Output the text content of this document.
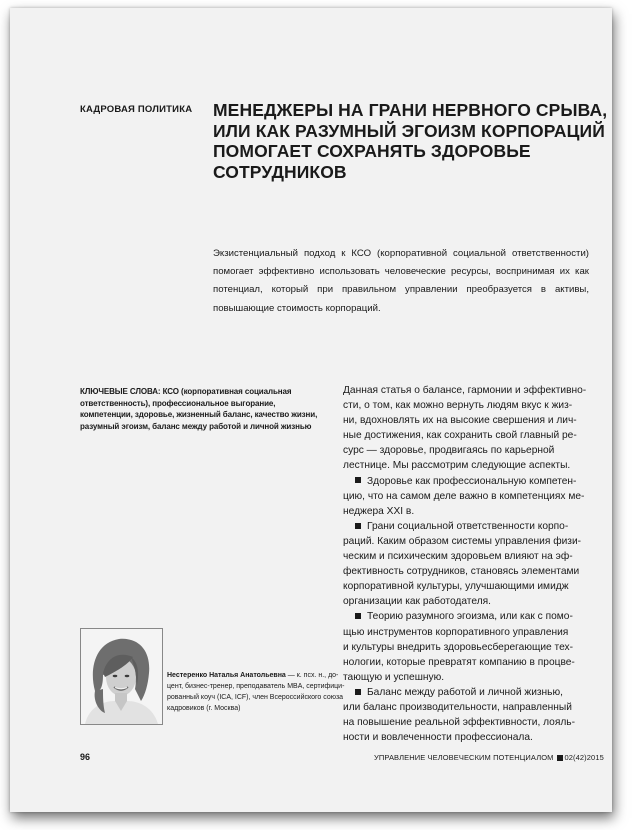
КАДРОВАЯ ПОЛИТИКА МЕНЕДЖЕРЫ НА ГРАНИ НЕРВНОГО СРЫВА,
ИЛИ КАК РАЗУМНЫЙ ЭГОИЗМ КОРПОРАЦИЙ
ПОМОГАЕТ СОХРАНЯТЬ ЗДОРОВЬЕ
СОТРУДНИКОВ
Экзистенциальный подход к КСО (корпоративной социальной ответственности) помогает эффективно использовать человеческие ресурсы, воспринимая их как потенциал, который при правильном управлении преобразуется в активы, повышающие стоимость корпораций.
КЛЮЧЕВЫЕ СЛОВА: КСО (корпоративная социальная ответственность), профессиональное выгорание, компетенции, здоровье, жизненный баланс, качество жизни, разумный эгоизм, баланс между работой и личной жизнью

Данная статья о балансе, гармонии и эффективно-
сти, о том, как можно вернуть людям вкус к жиз-
ни, вдохновлять их на высокие свершения и лич-
ные достижения, как сохранить свой главный ре-
сурс — здоровье, продвигаясь по карьерной
лестнице. Мы рассмотрим следующие аспекты.

Здоровье как профессиональную компетен-
цию, что на самом деле важно в компетенциях ме-
неджера XXI в.

Грани социальной ответственности корпо-
раций. Каким образом системы управления физи-
ческим и психическим здоровьем влияют на эф-
фективность сотрудников, становясь элементами
корпоративной культуры, улучшающими имидж
организации как работодателя.

Теорию разумного эгоизма, или как с помо-
щью инструментов корпоративного управления
и культуры внедрить здоровьесберегающие тех-
нологии, которые превратят компанию в процве-
тающую и успешную.

Баланс между работой и личной жизнью,
или баланс производительности, направленный
на повышение реальной эффективности, лояль-
ности и вовлеченности профессионала.

Нестеренко Наталья Анатольевна — к. псх. н., до-
цент, бизнес-тренер, преподаватель MBA, сертифици-
рованный коуч (ICA, ICF), член Всероссийского союза
кадровиков (г. Москва)
96	УПРАВЛЕНИЕ ЧЕЛОВЕЧЕСКИМ ПОТЕНЦИАЛОМ 02(42)2015
